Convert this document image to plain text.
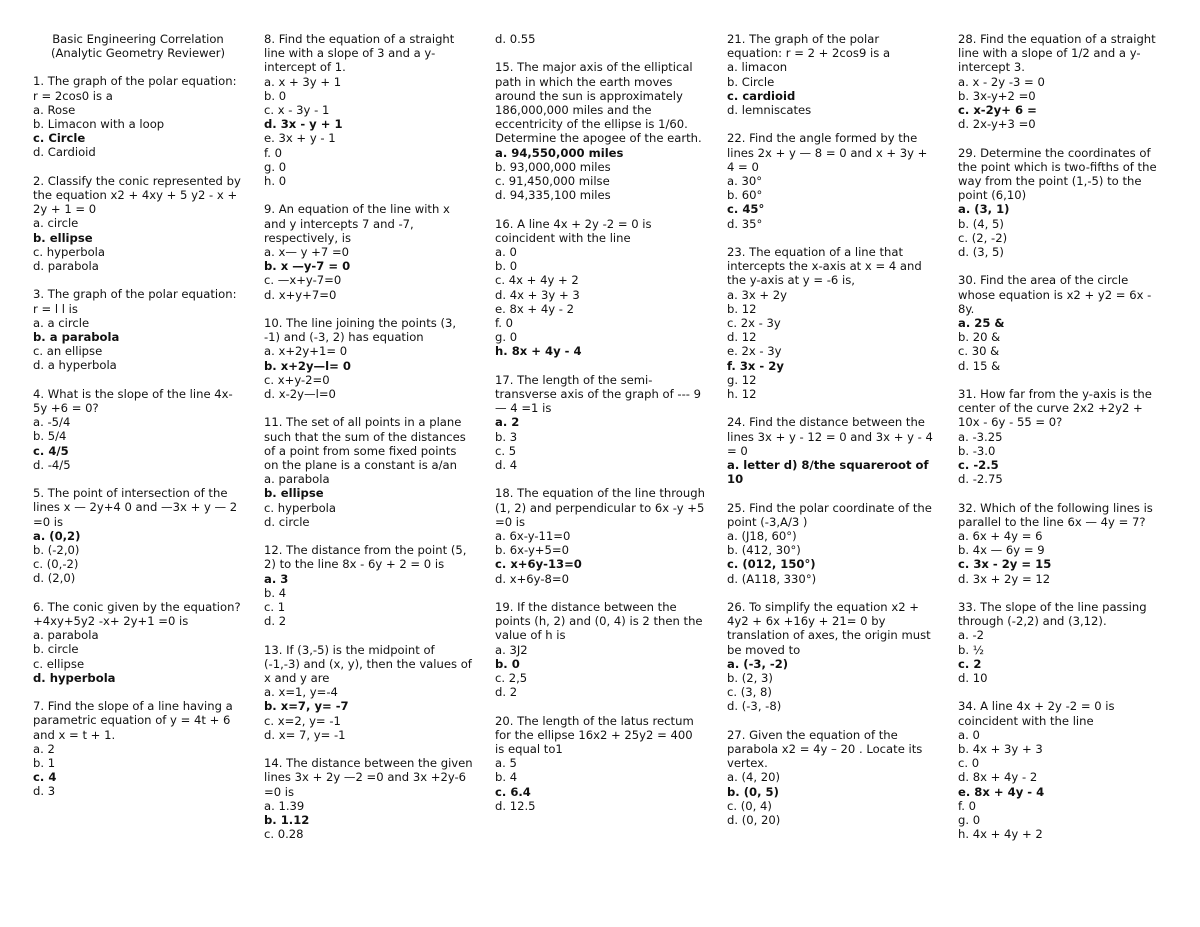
Basic Engineering Correlation
(Analytic Geometry Reviewer)
1. The graph of the polar equation: r = 2cos0 is a
a. Rose
b. Limacon with a loop
c. Circle
d. Cardioid
2. Classify the conic represented by the equation x2 + 4xy + 5 y2 - x + 2y + 1 = 0
a. circle
b. ellipse
c. hyperbola
d. parabola
3. The graph of the polar equation: r = l l is
a. a circle
b. a parabola
c. an ellipse
d. a hyperbola
4. What is the slope of the line 4x-5y +6 = 0?
a. -5/4
b. 5/4
c. 4/5
d. -4/5
5. The point of intersection of the lines x — 2y+4 0 and —3x + y — 2 =0 is
a. (0,2)
b. (-2,0)
c. (0,-2)
d. (2,0)
6. The conic given by the equation? +4xy+5y2 -x+ 2y+1 =0 is
a. parabola
b. circle
c. ellipse
d. hyperbola
7. Find the slope of a line having a parametric equation of y = 4t + 6 and x = t + 1.
a. 2
b. 1
c. 4
d. 3
8. Find the equation of a straight line with a slope of 3 and a y-intercept of 1.
a. x + 3y + 1
b. 0
c. x - 3y - 1
d. 3x - y + 1
e. 3x + y - 1
f. 0
g. 0
h. 0
9. An equation of the line with x and y intercepts 7 and -7, respectively, is
a. x— y +7 =0
b. x —y-7 = 0
c. —x+y-7=0
d. x+y+7=0
10. The line joining the points (3, -1) and (-3, 2) has equation
a. x+2y+1= 0
b. x+2y—l= 0
c. x+y-2=0
d. x-2y—l=0
11. The set of all points in a plane such that the sum of the distances of a point from some fixed points on the plane is a constant is a/an
a. parabola
b. ellipse
c. hyperbola
d. circle
12. The distance from the point (5, 2) to the line 8x - 6y + 2 = 0 is
a. 3
b. 4
c. 1
d. 2
13. If (3,-5) is the midpoint of (-1,-3) and (x, y), then the values of x and y are
a. x=1, y=-4
b. x=7, y= -7
c. x=2, y= -1
d. x= 7, y= -1
14. The distance between the given lines 3x + 2y —2 =0 and 3x +2y-6 =0 is
a. 1.39
b. 1.12
c. 0.28
d. 0.55
15. The major axis of the elliptical path in which the earth moves around the sun is approximately 186,000,000 miles and the eccentricity of the ellipse is 1/60. Determine the apogee of the earth.
a. 94,550,000 miles
b. 93,000,000 miles
c. 91,450,000 milse
d. 94,335,100 miles
16. A line 4x + 2y -2 = 0 is coincident with the line
a. 0
b. 0
c. 4x + 4y + 2
d. 4x + 3y + 3
e. 8x + 4y - 2
f. 0
g. 0
h. 8x + 4y - 4
17. The length of the semi-transverse axis of the graph of --- 9 — 4 =1 is
a. 2
b. 3
c. 5
d. 4
18. The equation of the line through (1, 2) and perpendicular to 6x -y +5 =0 is
a. 6x-y-11=0
b. 6x-y+5=0
c. x+6y-13=0
d. x+6y-8=0
19. If the distance between the points (h, 2) and (0, 4) is 2 then the value of h is
a. 3J2
b. 0
c. 2,5
d. 2
20. The length of the latus rectum for the ellipse 16x2 + 25y2 = 400 is equal to1
a. 5
b. 4
c. 6.4
d. 12.5
21. The graph of the polar equation: r = 2 + 2cos9 is a
a. limacon
b. Circle
c. cardioid
d. lemniscates
22. Find the angle formed by the lines 2x + y — 8 = 0 and x + 3y + 4 = 0
a. 30°
b. 60°
c. 45°
d. 35°
23. The equation of a line that intercepts the x-axis at x = 4 and the y-axis at y = -6 is,
a. 3x + 2y
b. 12
c. 2x - 3y
d. 12
e. 2x - 3y
f. 3x - 2y
g. 12
h. 12
24. Find the distance between the lines 3x + y - 12 = 0 and 3x + y - 4 = 0
a. letter d) 8/the squareroot of 10
25. Find the polar coordinate of the point (-3,A/3 )
a. (J18, 60°)
b. (412, 30°)
c. (012, 150°)
d. (A118, 330°)
26. To simplify the equation x2 + 4y2 + 6x +16y + 21= 0 by translation of axes, the origin must be moved to
a. (-3, -2)
b. (2, 3)
c. (3, 8)
d. (-3, -8)
27. Given the equation of the parabola x2 = 4y – 20 . Locate its vertex.
a. (4, 20)
b. (0, 5)
c. (0, 4)
d. (0, 20)
28. Find the equation of a straight line with a slope of 1/2 and a y-intercept 3.
a. x - 2y -3 = 0
b. 3x-y+2 =0
c. x-2y+ 6 =
d. 2x-y+3 =0
29. Determine the coordinates of the point which is two-fifths of the way from the point (1,-5) to the point (6,10)
a. (3, 1)
b. (4, 5)
c. (2, -2)
d. (3, 5)
30. Find the area of the circle whose equation is x2 + y2 = 6x - 8y.
a. 25 &
b. 20 &
c. 30 &
d. 15 &
31. How far from the y-axis is the center of the curve 2x2 +2y2 + 10x - 6y - 55 = 0?
a. -3.25
b. -3.0
c. -2.5
d. -2.75
32. Which of the following lines is parallel to the line 6x — 4y = 7?
a. 6x + 4y = 6
b. 4x — 6y = 9
c. 3x - 2y = 15
d. 3x + 2y = 12
33. The slope of the line passing through (-2,2) and (3,12).
a. -2
b. ½
c. 2
d. 10
34. A line 4x + 2y -2 = 0 is coincident with the line
a. 0
b. 4x + 3y + 3
c. 0
d. 8x + 4y - 2
e. 8x + 4y - 4
f. 0
g. 0
h. 4x + 4y + 2
